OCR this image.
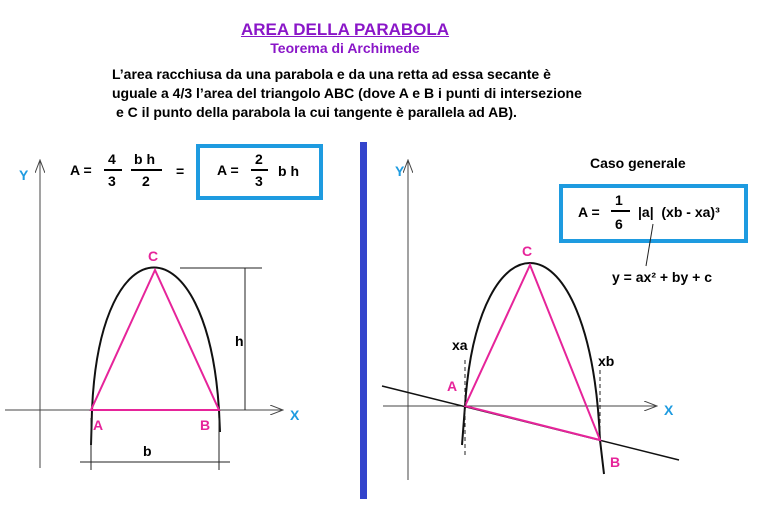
AREA DELLA PARABOLA
Teorema di Archimede
L’area racchiusa da una parabola e da una retta ad essa secante è
uguale a 4/3 l’area del triangolo ABC (dove A e B i punti di intersezione
e C il punto della parabola la cui tangente è parallela ad AB).
Y
X
h
b
A	B
C
A =
4
3
b h
2
= A =
2
3
b h	Y
X
xa
xb
A
B
C
Caso generale
A =
1
6
|a|  (xb - xa)³
y = ax² + by + c
